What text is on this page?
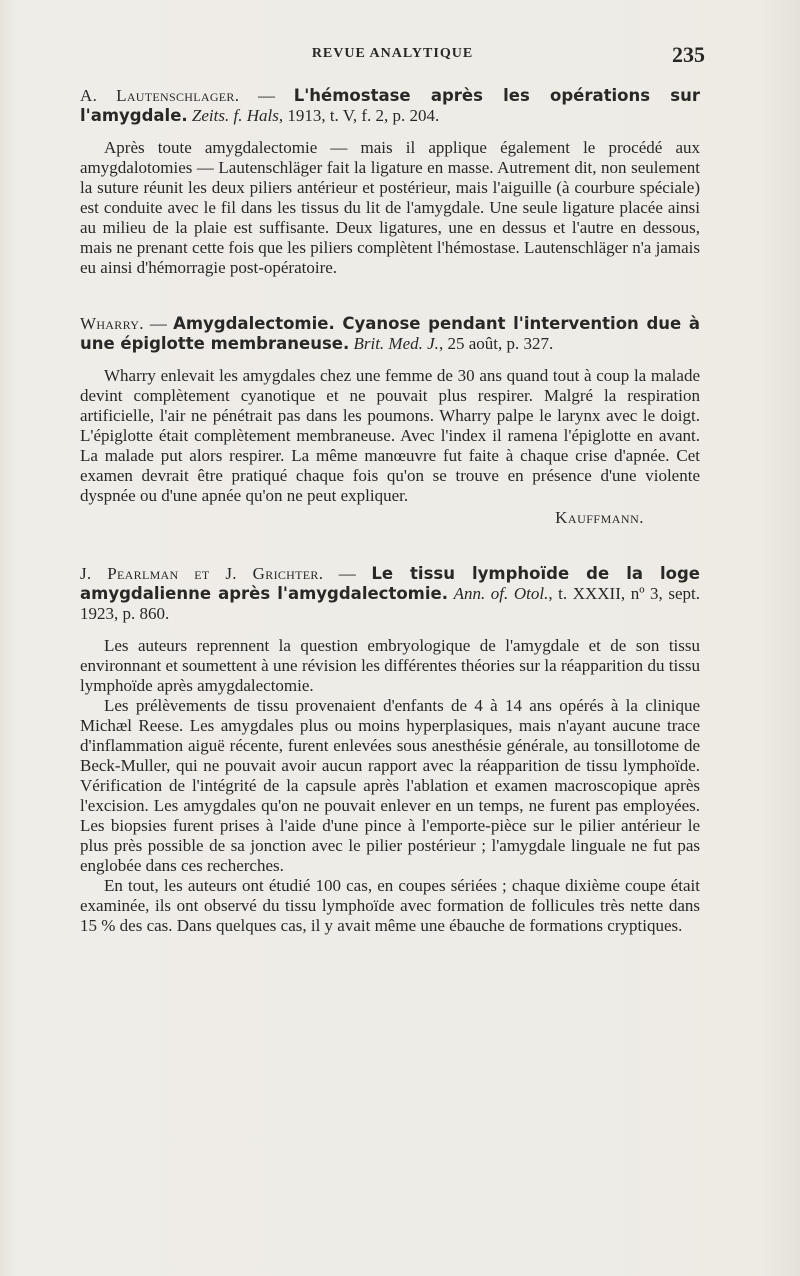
REVUE ANALYTIQUE	235

A. Lautenschlager. — L'hémostase après les opérations sur l'amygdale. Zeits. f. Hals, 1913, t. V, f. 2, p. 204.

Après toute amygdalectomie — mais il applique également le procédé aux amygdalotomies — Lautenschläger fait la ligature en masse. Autrement dit, non seulement la suture réunit les deux piliers antérieur et postérieur, mais l'aiguille (à courbure spéciale) est conduite avec le fil dans les tissus du lit de l'amygdale. Une seule ligature placée ainsi au milieu de la plaie est suffisante. Deux ligatures, une en dessus et l'autre en dessous, mais ne prenant cette fois que les piliers complètent l'hémostase. Lautenschläger n'a jamais eu ainsi d'hémorragie post-opératoire.

Wharry. — Amygdalectomie. Cyanose pendant l'intervention due à une épiglotte membraneuse. Brit. Med. J., 25 août, p. 327.

Wharry enlevait les amygdales chez une femme de 30 ans quand tout à coup la malade devint complètement cyanotique et ne pouvait plus respirer. Malgré la respiration artificielle, l'air ne pénétrait pas dans les poumons. Wharry palpe le larynx avec le doigt. L'épiglotte était complètement membraneuse. Avec l'index il ramena l'épiglotte en avant. La malade put alors respirer. La même manœuvre fut faite à chaque crise d'apnée. Cet examen devrait être pratiqué chaque fois qu'on se trouve en présence d'une violente dyspnée ou d'une apnée qu'on ne peut expliquer.

Kauffmann.

J. Pearlman et J. Grichter. — Le tissu lymphoïde de la loge amygdalienne après l'amygdalectomie. Ann. of. Otol., t. XXXII, nº 3, sept. 1923, p. 860.

Les auteurs reprennent la question embryologique de l'amygdale et de son tissu environnant et soumettent à une révision les différentes théories sur la réapparition du tissu lymphoïde après amygdalectomie.

Les prélèvements de tissu provenaient d'enfants de 4 à 14 ans opérés à la clinique Michæl Reese. Les amygdales plus ou moins hyperplasiques, mais n'ayant aucune trace d'inflammation aiguë récente, furent enlevées sous anesthésie générale, au tonsillotome de Beck-Muller, qui ne pouvait avoir aucun rapport avec la réapparition de tissu lymphoïde. Vérification de l'intégrité de la capsule après l'ablation et examen macroscopique après l'excision. Les amygdales qu'on ne pouvait enlever en un temps, ne furent pas employées. Les biopsies furent prises à l'aide d'une pince à l'emporte-pièce sur le pilier antérieur le plus près possible de sa jonction avec le pilier postérieur ; l'amygdale linguale ne fut pas englobée dans ces recherches.

En tout, les auteurs ont étudié 100 cas, en coupes sériées ; chaque dixième coupe était examinée, ils ont observé du tissu lymphoïde avec formation de follicules très nette dans 15 % des cas. Dans quelques cas, il y avait même une ébauche de formations cryptiques.
